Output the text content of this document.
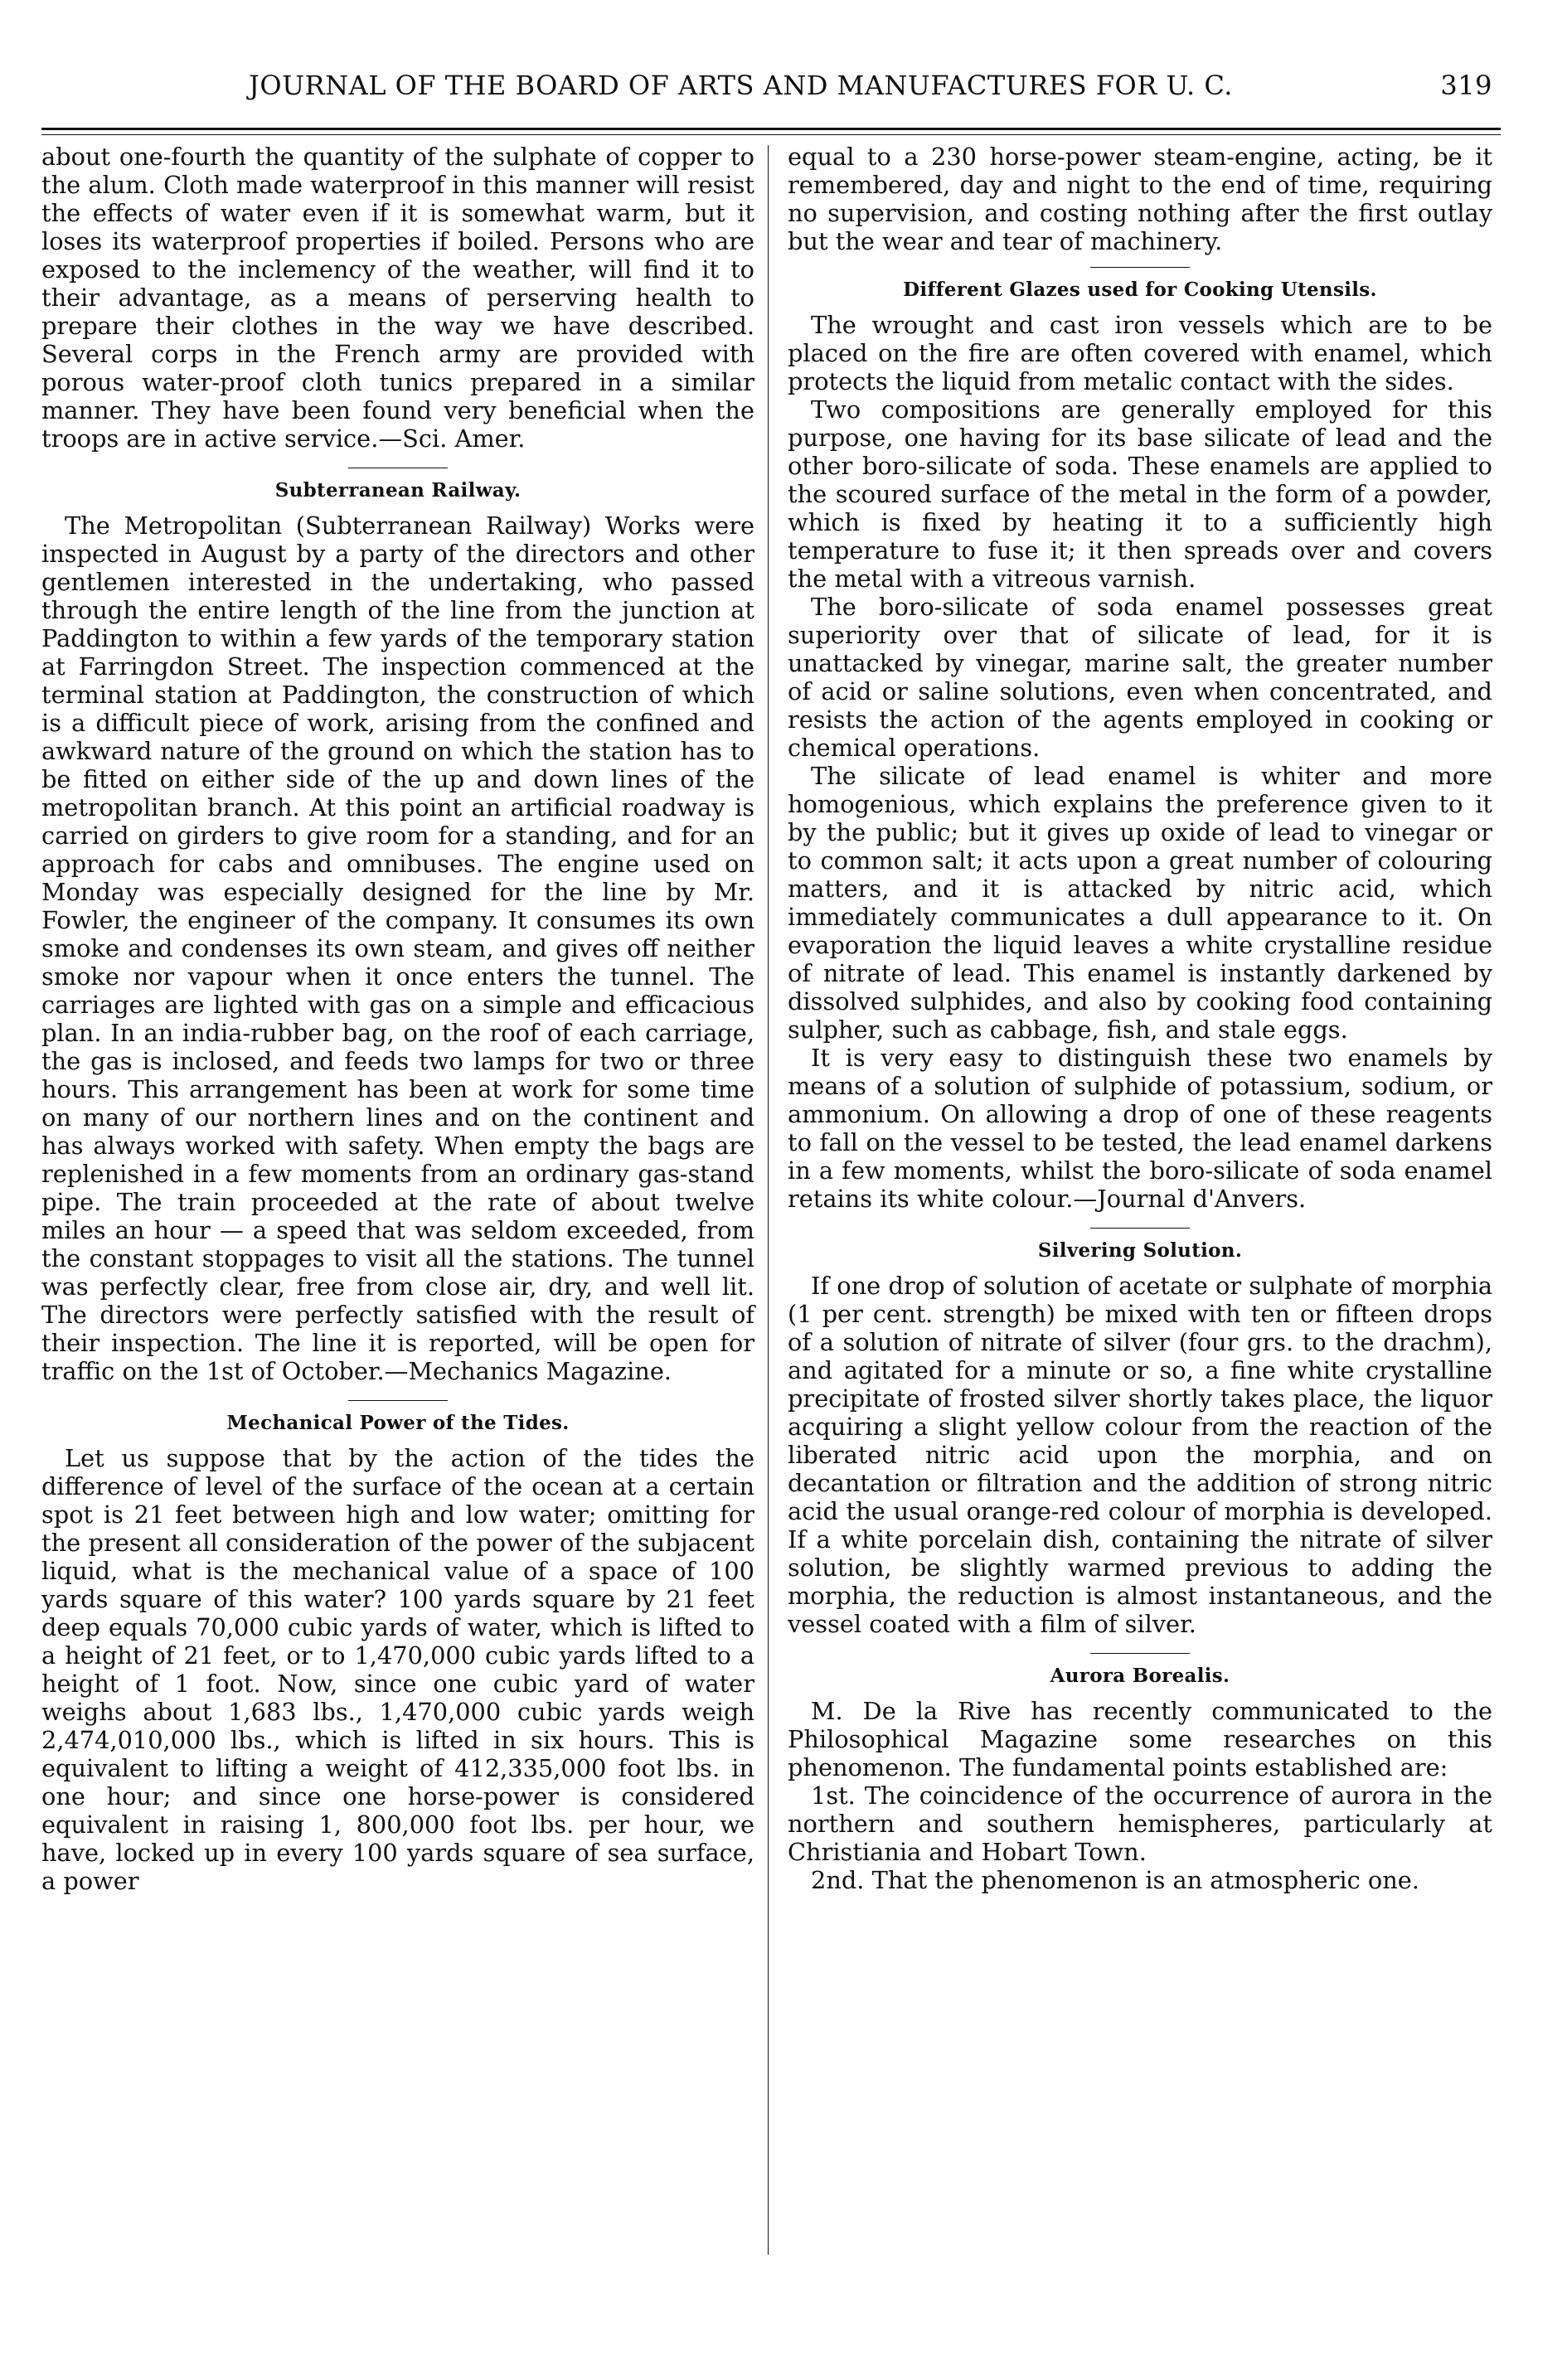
JOURNAL OF THE BOARD OF ARTS AND MANUFACTURES FOR U. C.	319

about one-fourth the quantity of the sulphate of copper to the alum. Cloth made waterproof in this manner will resist the effects of water even if it is somewhat warm, but it loses its waterproof properties if boiled. Persons who are exposed to the inclemency of the weather, will find it to their advantage, as a means of perserving health to prepare their clothes in the way we have described. Several corps in the French army are provided with porous water-proof cloth tunics prepared in a similar manner. They have been found very beneficial when the troops are in active service.—Sci. Amer.

Subterranean Railway.

The Metropolitan (Subterranean Railway) Works were inspected in August by a party of the directors and other gentlemen interested in the undertaking, who passed through the entire length of the line from the junction at Paddington to within a few yards of the temporary station at Farringdon Street. The inspection commenced at the terminal station at Paddington, the construction of which is a difficult piece of work, arising from the confined and awkward nature of the ground on which the station has to be fitted on either side of the up and down lines of the metropolitan branch. At this point an artificial roadway is carried on girders to give room for a standing, and for an approach for cabs and omnibuses. The engine used on Monday was especially designed for the line by Mr. Fowler, the engineer of the company. It consumes its own smoke and condenses its own steam, and gives off neither smoke nor vapour when it once enters the tunnel. The carriages are lighted with gas on a simple and efficacious plan. In an india-rubber bag, on the roof of each carriage, the gas is inclosed, and feeds two lamps for two or three hours. This arrangement has been at work for some time on many of our northern lines and on the continent and has always worked with safety. When empty the bags are replenished in a few moments from an ordinary gas-stand pipe. The train proceeded at the rate of about twelve miles an hour — a speed that was seldom exceeded, from the constant stoppages to visit all the stations. The tunnel was perfectly clear, free from close air, dry, and well lit. The directors were perfectly satisfied with the result of their inspection. The line it is reported, will be open for traffic on the 1st of October.—Mechanics Magazine.

Mechanical Power of the Tides.

Let us suppose that by the action of the tides the difference of level of the surface of the ocean at a certain spot is 21 feet between high and low water; omitting for the present all consideration of the power of the subjacent liquid, what is the mechanical value of a space of 100 yards square of this water? 100 yards square by 21 feet deep equals 70,000 cubic yards of water, which is lifted to a height of 21 feet, or to 1,470,000 cubic yards lifted to a height of 1 foot. Now, since one cubic yard of water weighs about 1,683 lbs., 1,470,000 cubic yards weigh 2,474,010,000 lbs., which is lifted in six hours. This is equivalent to lifting a weight of 412,335,000 foot lbs. in one hour; and since one horse-power is considered equivalent in raising 1, 800,000 foot lbs. per hour, we have, locked up in every 100 yards square of sea surface, a power

equal to a 230 horse-power steam-engine, acting, be it remembered, day and night to the end of time, requiring no supervision, and costing nothing after the first outlay but the wear and tear of machinery.

Different Glazes used for Cooking Utensils.

The wrought and cast iron vessels which are to be placed on the fire are often covered with enamel, which protects the liquid from metalic contact with the sides.

Two compositions are generally employed for this purpose, one having for its base silicate of lead and the other boro-silicate of soda. These enamels are applied to the scoured surface of the metal in the form of a powder, which is fixed by heating it to a sufficiently high temperature to fuse it; it then spreads over and covers the metal with a vitreous varnish.

The boro-silicate of soda enamel possesses great superiority over that of silicate of lead, for it is unattacked by vinegar, marine salt, the greater number of acid or saline solutions, even when concentrated, and resists the action of the agents employed in cooking or chemical operations.

The silicate of lead enamel is whiter and more homogenious, which explains the preference given to it by the public; but it gives up oxide of lead to vinegar or to common salt; it acts upon a great number of colouring matters, and it is attacked by nitric acid, which immediately communicates a dull appearance to it. On evaporation the liquid leaves a white crystalline residue of nitrate of lead. This enamel is instantly darkened by dissolved sulphides, and also by cooking food containing sulpher, such as cabbage, fish, and stale eggs.

It is very easy to distinguish these two enamels by means of a solution of sulphide of potassium, sodium, or ammonium. On allowing a drop of one of these reagents to fall on the vessel to be tested, the lead enamel darkens in a few moments, whilst the boro-silicate of soda enamel retains its white colour.—Journal d'Anvers.

Silvering Solution.

If one drop of solution of acetate or sulphate of morphia (1 per cent. strength) be mixed with ten or fifteen drops of a solution of nitrate of silver (four grs. to the drachm), and agitated for a minute or so, a fine white crystalline precipitate of frosted silver shortly takes place, the liquor acquiring a slight yellow colour from the reaction of the liberated nitric acid upon the morphia, and on decantation or filtration and the addition of strong nitric acid the usual orange-red colour of morphia is developed. If a white porcelain dish, containing the nitrate of silver solution, be slightly warmed previous to adding the morphia, the reduction is almost instantaneous, and the vessel coated with a film of silver.

Aurora Borealis.

M. De la Rive has recently communicated to the Philosophical Magazine some researches on this phenomenon. The fundamental points established are:

1st. The coincidence of the occurrence of aurora in the northern and southern hemispheres, particularly at Christiania and Hobart Town.

2nd. That the phenomenon is an atmospheric one.
